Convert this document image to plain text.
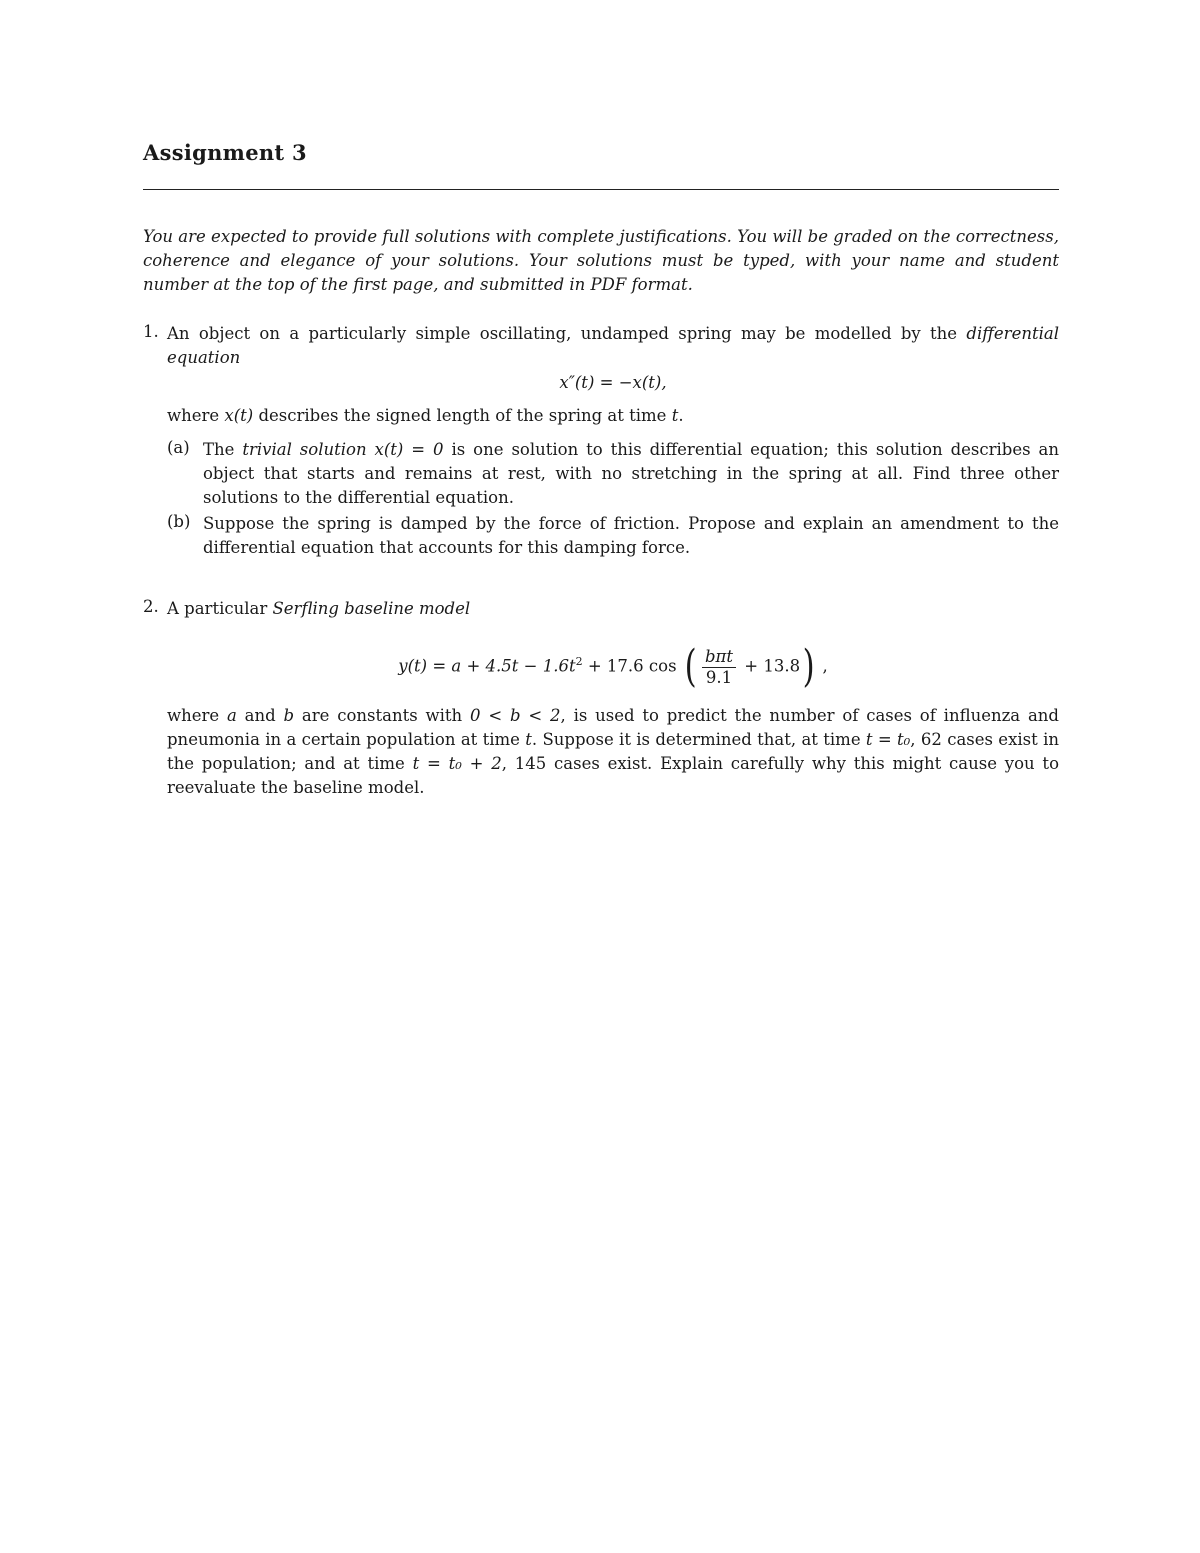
Assignment 3
You are expected to provide full solutions with complete justifications. You will be graded on the correctness, coherence and elegance of your solutions. Your solutions must be typed, with your name and student number at the top of the first page, and submitted in PDF format.
1. An object on a particularly simple oscillating, undamped spring may be modelled by the differential equation
x″(t) = −x(t),
where x(t) describes the signed length of the spring at time t.
(a) The trivial solution x(t) = 0 is one solution to this differential equation; this solution describes an object that starts and remains at rest, with no stretching in the spring at all. Find three other solutions to the differential equation.
(b) Suppose the spring is damped by the force of friction. Propose and explain an amendment to the differential equation that accounts for this damping force.
2. A particular Serfling baseline model
$y(t) = a + 4.5t - 1.6t^2 + 17.6$ cos ( $\frac{\text{bπt}}{9.1} + 13.8$) ,
where a and b are constants with 0 < b < 2, is used to predict the number of cases of influenza and pneumonia in a certain population at time t. Suppose it is determined that, at time t = t₀, 62 cases exist in the population; and at time t = t₀ + 2, 145 cases exist. Explain carefully why this might cause you to reevaluate the baseline model.
